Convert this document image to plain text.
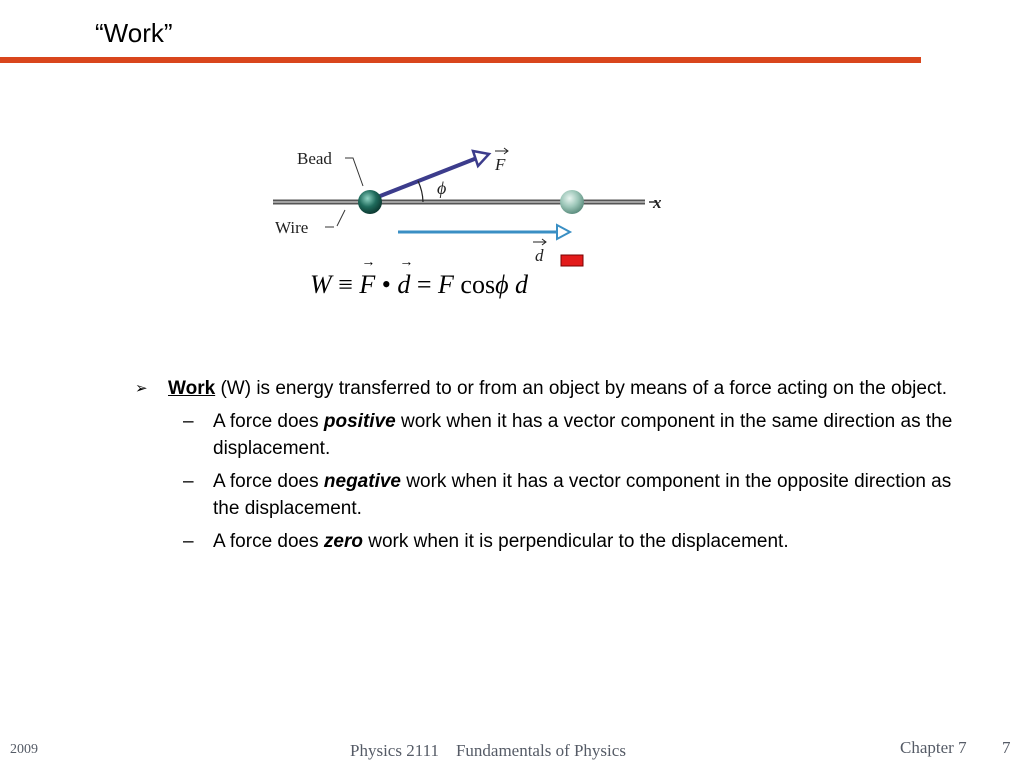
“Work”
Bead
Wire
F
ϕ
x
d
W ≡ → F • → d = F cosϕ d
➢ Work (W) is energy transferred to or from an object by means of a force acting on the object.
– A force does positive work when it has a vector component in the same direction as the displacement.
– A force does negative work when it has a vector component in the opposite direction as the displacement.
– A force does zero work when it is perpendicular to the displacement.
2009	Physics 2111    Fundamentals of Physics	Chapter 7 7
